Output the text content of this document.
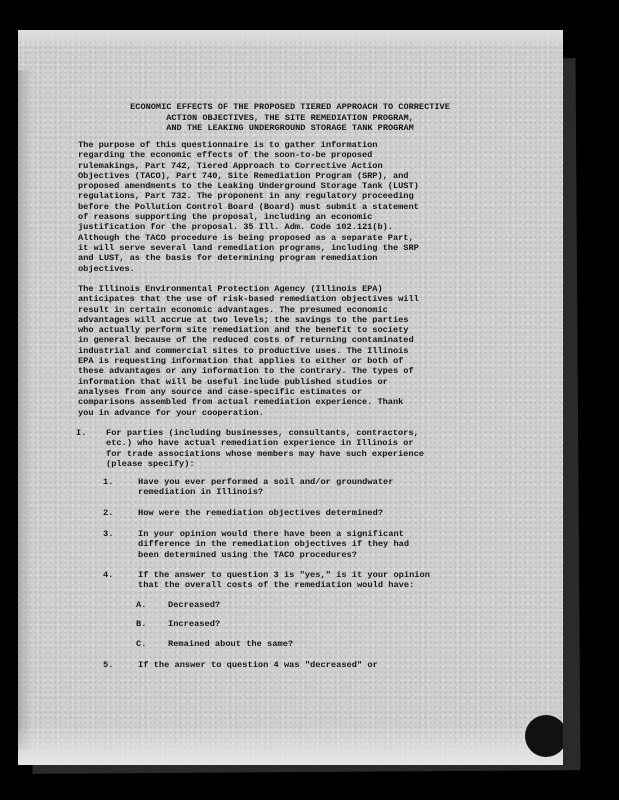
ECONOMIC EFFECTS OF THE PROPOSED TIERED APPROACH TO CORRECTIVE
ACTION OBJECTIVES, THE SITE REMEDIATION PROGRAM,
AND THE LEAKING UNDERGROUND STORAGE TANK PROGRAM
The purpose of this questionnaire is to gather information
regarding the economic effects of the soon-to-be proposed
rulemakings, Part 742, Tiered Approach to Corrective Action
Objectives (TACO), Part 740, Site Remediation Program (SRP), and
proposed amendments to the Leaking Underground Storage Tank (LUST)
regulations, Part 732. The proponent in any regulatory proceeding
before the Pollution Control Board (Board) must submit a statement
of reasons supporting the proposal, including an economic
justification for the proposal. 35 Ill. Adm. Code 102.121(b).
Although the TACO procedure is being proposed as a separate Part,
it will serve several land remediation programs, including the SRP
and LUST, as the basis for determining program remediation
objectives.
The Illinois Environmental Protection Agency (Illinois EPA)
anticipates that the use of risk-based remediation objectives will
result in certain economic advantages. The presumed economic
advantages will accrue at two levels; the savings to the parties
who actually perform site remediation and the benefit to society
in general because of the reduced costs of returning contaminated
industrial and commercial sites to productive uses. The Illinois
EPA is requesting information that applies to either or both of
these advantages or any information to the contrary. The types of
information that will be useful include published studies or
analyses from any source and case-specific estimates or
comparisons assembled from actual remediation experience. Thank
you in advance for your cooperation.
I. For parties (including businesses, consultants, contractors,
etc.) who have actual remediation experience in Illinois or
for trade associations whose members may have such experience
(please specify):
1.	Have you ever performed a soil and/or groundwater
remediation in Illinois?
2.	How were the remediation objectives determined?
3.	In your opinion would there have been a significant
difference in the remediation objectives if they had
been determined using the TACO procedures?
4.	If the answer to question 3 is "yes," is it your opinion
that the overall costs of the remediation would have:
A. Decreased?
B. Increased?
C. Remained about the same?
5.	If the answer to question 4 was "decreased" or
